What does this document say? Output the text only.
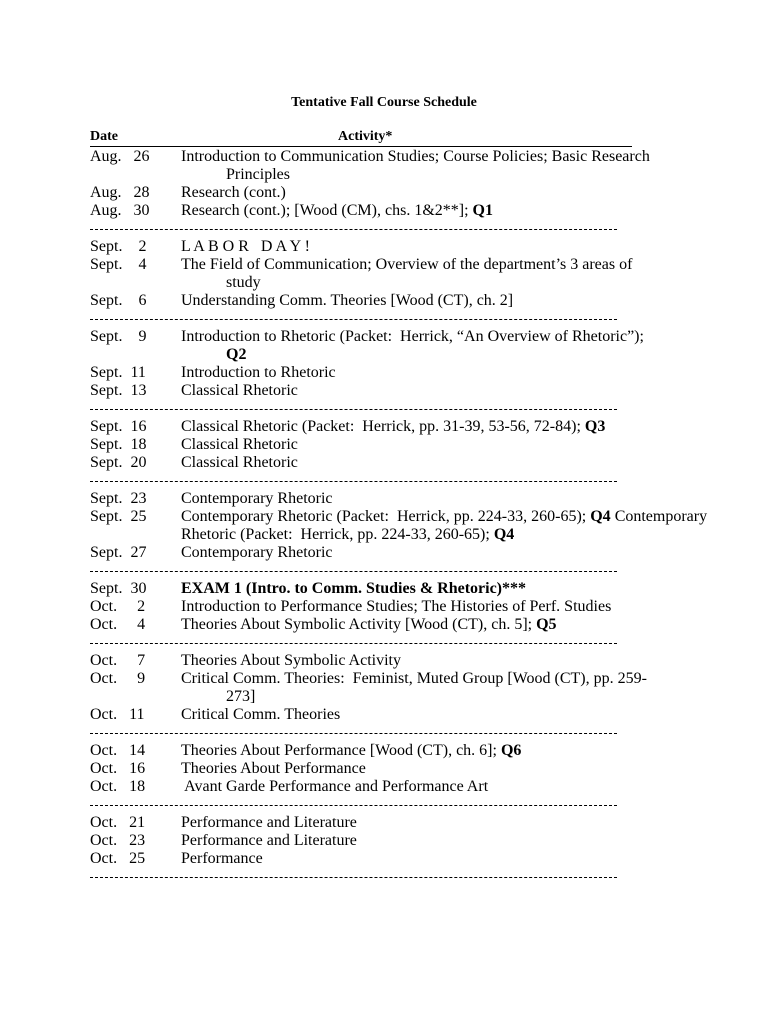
Tentative Fall Course Schedule
Date	Activity*
Aug.   26 Introduction to Communication Studies; Course Policies; Basic Research
Principles
Aug.   28 Research (cont.)
Aug.   30 Research (cont.); [Wood (CM), chs. 1&2**]; Q1
Sept.    2 L A B O R   D A Y !
Sept.    4 The Field of Communication; Overview of the department’s 3 areas of
study
Sept.    6 Understanding Comm. Theories [Wood (CT), ch. 2]
Sept.    9 Introduction to Rhetoric (Packet:  Herrick, “An Overview of Rhetoric”);
Q2
Sept.  11 Introduction to Rhetoric
Sept.  13 Classical Rhetoric
Sept.  16 Classical Rhetoric (Packet:  Herrick, pp. 31-39, 53-56, 72-84); Q3
Sept.  18 Classical Rhetoric
Sept.  20 Classical Rhetoric
Sept.  23 Contemporary Rhetoric
Sept.  25 Contemporary Rhetoric (Packet:  Herrick, pp. 224-33, 260-65); Q4 Contemporary
Rhetoric (Packet:  Herrick, pp. 224-33, 260-65); Q4
Sept.  27 Contemporary Rhetoric
Sept.  30 EXAM 1 (Intro. to Comm. Studies & Rhetoric)***
Oct.     2 Introduction to Performance Studies; The Histories of Perf. Studies
Oct.     4 Theories About Symbolic Activity [Wood (CT), ch. 5]; Q5
Oct.     7 Theories About Symbolic Activity
Oct.     9 Critical Comm. Theories:  Feminist, Muted Group [Wood (CT), pp. 259-
273]
Oct.   11 Critical Comm. Theories
Oct.   14 Theories About Performance [Wood (CT), ch. 6]; Q6
Oct.   16 Theories About Performance
Oct.   18 Avant Garde Performance and Performance Art
Oct.   21 Performance and Literature
Oct.   23 Performance and Literature
Oct.   25 Performance
